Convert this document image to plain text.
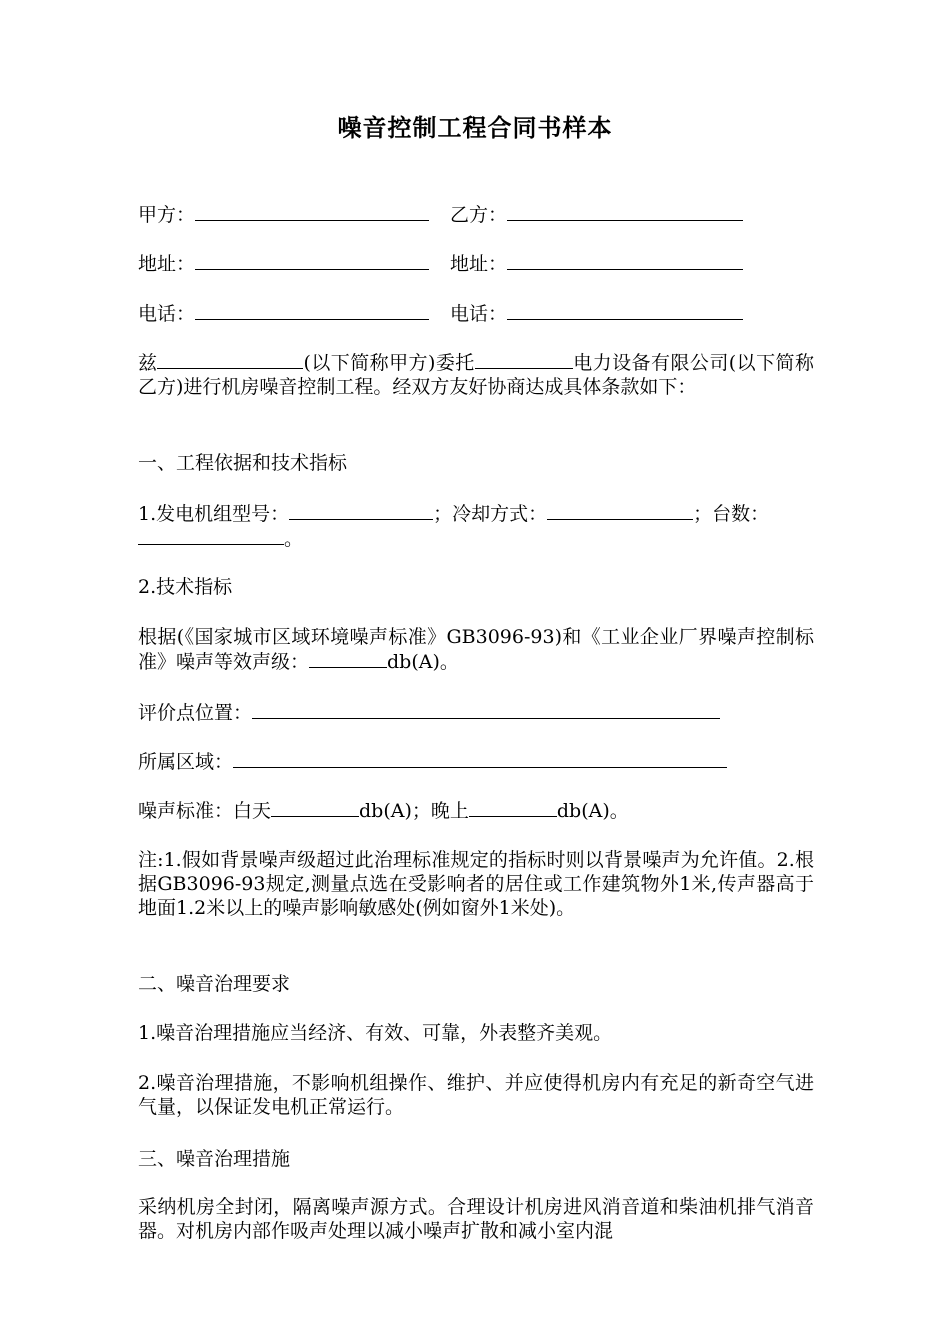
噪音控制工程合同书样本
甲方：	乙方：
地址：	地址：
电话：	电话：
兹	(以下简称甲方)委托	电力设备有限公司(以下简称乙方)进行机房噪音控制工程。经双方友好协商达成具体条款如下：
一、工程依据和技术指标
1.发电机组型号：	；冷却方式：	；台数：
。
2.技术指标
根据(《国家城市区域环境噪声标准》GB3096-93)和《工业企业厂界噪声控制标准》噪声等效声级：	db(A)。
评价点位置：
所属区域：
噪声标准：白天	db(A)；晚上	db(A)。
注:1.假如背景噪声级超过此治理标准规定的指标时则以背景噪声为允许值。2.根据GB3096-93规定,测量点选在受影响者的居住或工作建筑物外1米,传声器高于地面1.2米以上的噪声影响敏感处(例如窗外1米处)。
二、噪音治理要求
1.噪音治理措施应当经济、有效、可靠，外表整齐美观。
2.噪音治理措施，不影响机组操作、维护、并应使得机房内有充足的新奇空气进气量，以保证发电机正常运行。
三、噪音治理措施
采纳机房全封闭，隔离噪声源方式。合理设计机房进风消音道和柴油机排气消音器。对机房内部作吸声处理以减小噪声扩散和减小室内混
